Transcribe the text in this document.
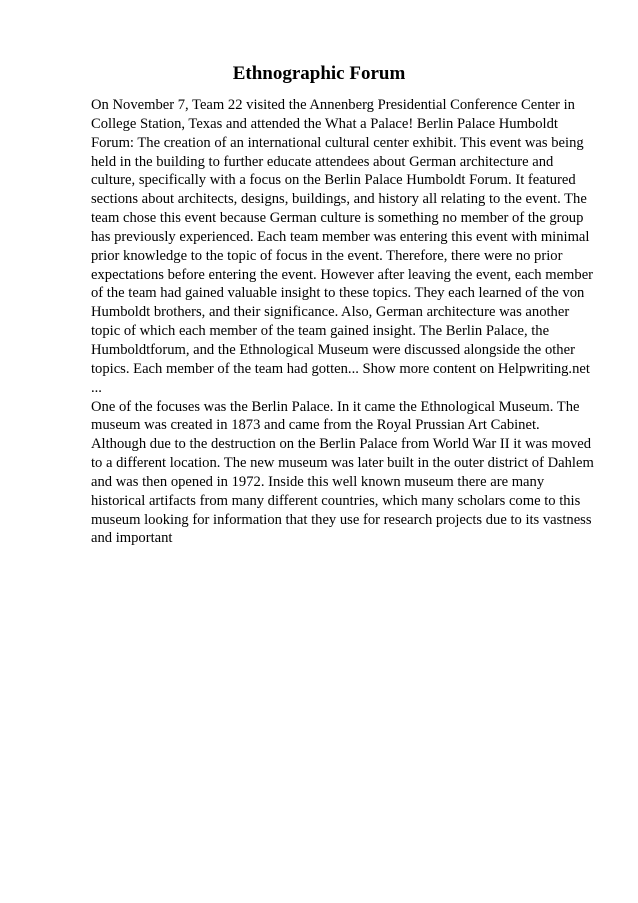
Ethnographic Forum

On November 7, Team 22 visited the Annenberg Presidential Conference Center in College Station, Texas and attended the What a Palace! Berlin Palace Humboldt Forum: The creation of an international cultural center exhibit. This event was being held in the building to further educate attendees about German architecture and culture, specifically with a focus on the Berlin Palace Humboldt Forum. It featured sections about architects, designs, buildings, and history all relating to the event. The team chose this event because German culture is something no member of the group has previously experienced. Each team member was entering this event with minimal prior knowledge to the topic of focus in the event. Therefore, there were no prior expectations before entering the event. However after leaving the event, each member of the team had gained valuable insight to these topics. They each learned of the von Humboldt brothers, and their significance. Also, German architecture was another topic of which each member of the team gained insight. The Berlin Palace, the Humboldtforum, and the Ethnological Museum were discussed alongside the other topics. Each member of the team had gotten... Show more content on Helpwriting.net ...

One of the focuses was the Berlin Palace. In it came the Ethnological Museum. The museum was created in 1873 and came from the Royal Prussian Art Cabinet. Although due to the destruction on the Berlin Palace from World War II it was moved to a different location. The new museum was later built in the outer district of Dahlem and was then opened in 1972. Inside this well known museum there are many historical artifacts from many different countries, which many scholars come to this museum looking for information that they use for research projects due to its vastness and important
